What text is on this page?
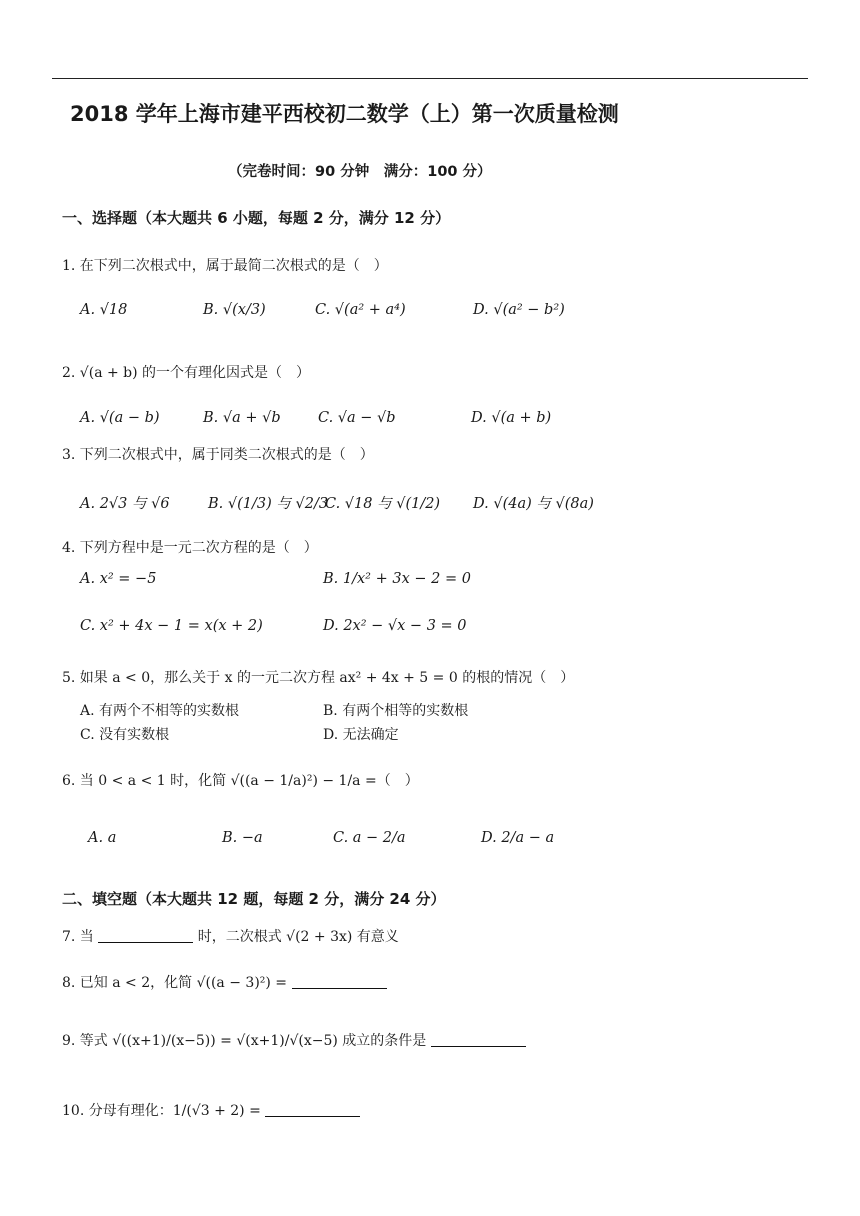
2018 学年上海市建平西校初二数学（上）第一次质量检测
（完卷时间：90 分钟　满分：100 分）
一、选择题（本大题共 6 小题，每题 2 分，满分 12 分）
1. 在下列二次根式中，属于最简二次根式的是（　）
A. √18	B. √(x/3)	C. √(a² + a⁴)	D. √(a² − b²)
2. √(a + b) 的一个有理化因式是（　）
A. √(a − b)	B. √a + √b	C. √a − √b	D. √(a + b)
3. 下列二次根式中，属于同类二次根式的是（　）
A. 2√3 与 √6	B. √(1/3) 与 √2/3
C. √18 与 √(1/2) D. √(4a) 与 √(8a)
4. 下列方程中是一元二次方程的是（　）
A. x² = −5	B. 1/x² + 3x − 2 = 0
C. x² + 4x − 1 = x(x + 2)	D. 2x² − √x − 3 = 0
5. 如果 a < 0，那么关于 x 的一元二次方程 ax² + 4x + 5 = 0 的根的情况（　）
A. 有两个不相等的实数根	B. 有两个相等的实数根
C. 没有实数根	D. 无法确定
6. 当 0 < a < 1 时，化简 √((a − 1/a)²) − 1/a =（　）
A. a	B. −a	C. a − 2/a	D. 2/a − a
二、填空题（本大题共 12 题，每题 2 分，满分 24 分）
7. 当	时，二次根式 √(2 + 3x) 有意义
8. 已知 a < 2，化简 √((a − 3)²) =
9. 等式 √((x+1)/(x−5)) = √(x+1)/√(x−5) 成立的条件是
10. 分母有理化：1/(√3 + 2) =
